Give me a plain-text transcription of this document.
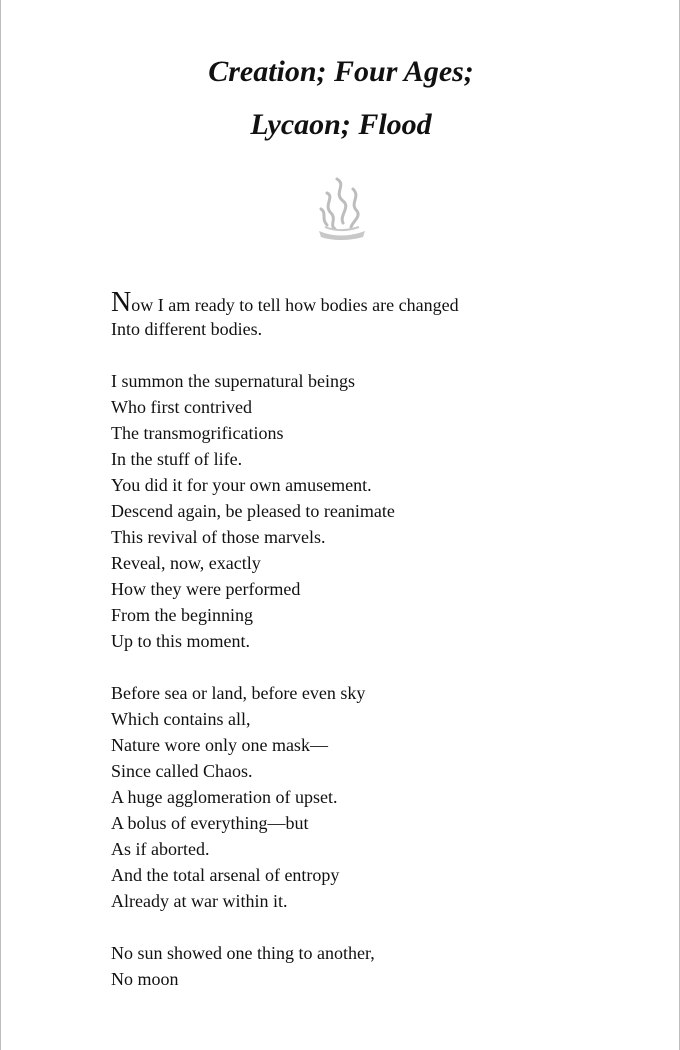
Creation; Four Ages;
Lycaon; Flood
Now I am ready to tell how bodies are changed
Into different bodies.
I summon the supernatural beings
Who first contrived
The transmogrifications
In the stuff of life.
You did it for your own amusement.
Descend again, be pleased to reanimate
This revival of those marvels.
Reveal, now, exactly
How they were performed
From the beginning
Up to this moment.
Before sea or land, before even sky
Which contains all,
Nature wore only one mask—
Since called Chaos.
A huge agglomeration of upset.
A bolus of everything—but
As if aborted.
And the total arsenal of entropy
Already at war within it.
No sun showed one thing to another,
No moon
